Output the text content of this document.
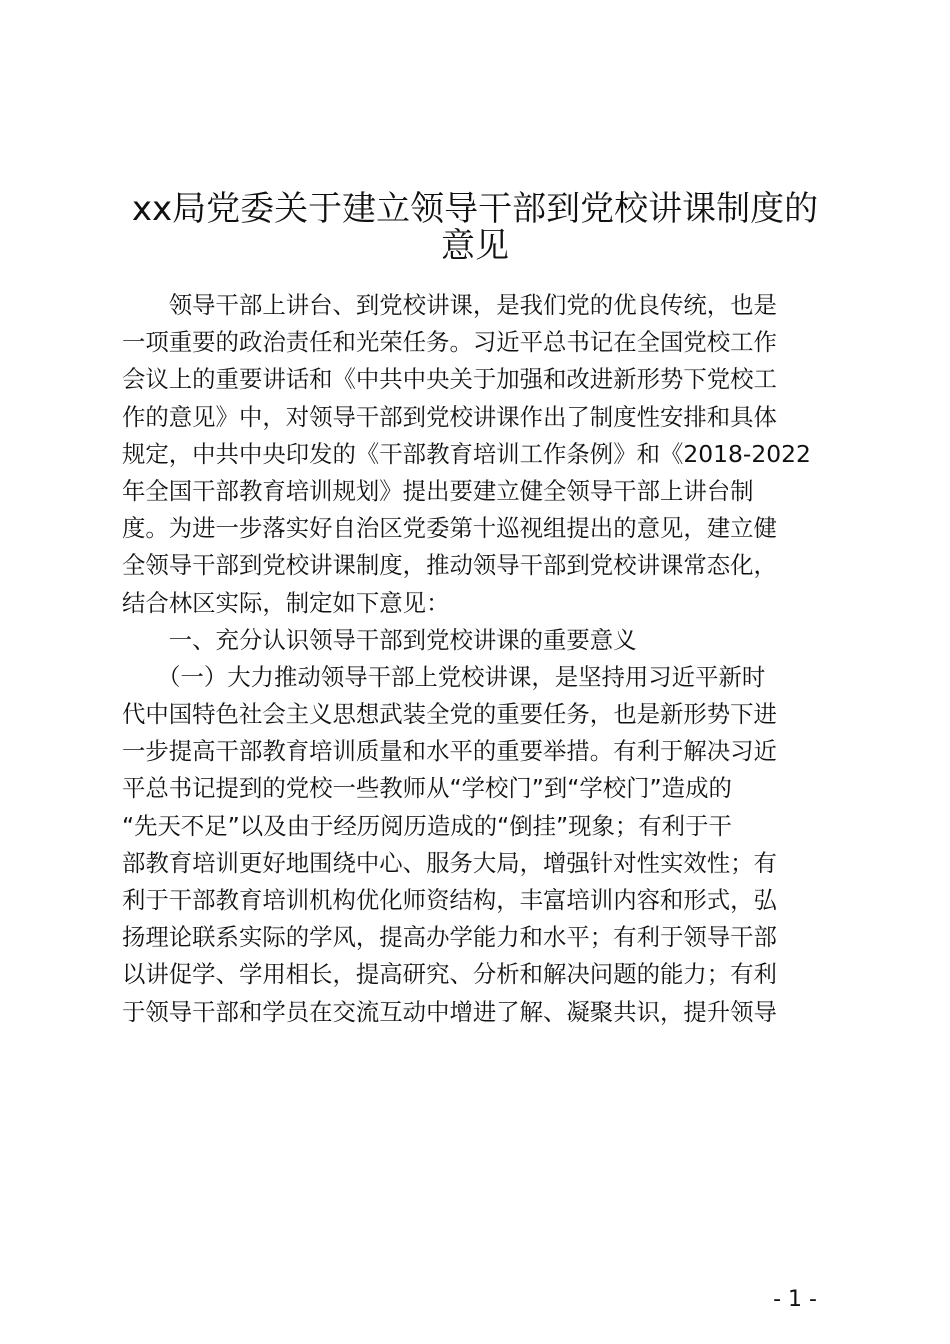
xx局党委关于建立领导干部到党校讲课制度的
意见
　　领导干部上讲台、到党校讲课，是我们党的优良传统，也是
一项重要的政治责任和光荣任务。习近平总书记在全国党校工作
会议上的重要讲话和《中共中央关于加强和改进新形势下党校工
作的意见》中，对领导干部到党校讲课作出了制度性安排和具体
规定，中共中央印发的《干部教育培训工作条例》和《2018-2022
年全国干部教育培训规划》提出要建立健全领导干部上讲台制
度。为进一步落实好自治区党委第十巡视组提出的意见，建立健
全领导干部到党校讲课制度，推动领导干部到党校讲课常态化，
结合林区实际，制定如下意见：
　　一、充分认识领导干部到党校讲课的重要意义
　　（一）大力推动领导干部上党校讲课，是坚持用习近平新时
代中国特色社会主义思想武装全党的重要任务，也是新形势下进
一步提高干部教育培训质量和水平的重要举措。有利于解决习近
平总书记提到的党校一些教师从“学校门”到“学校门”造成的
“先天不足”以及由于经历阅历造成的“倒挂”现象；有利于干
部教育培训更好地围绕中心、服务大局，增强针对性实效性；有
利于干部教育培训机构优化师资结构，丰富培训内容和形式，弘
扬理论联系实际的学风，提高办学能力和水平；有利于领导干部
以讲促学、学用相长，提高研究、分析和解决问题的能力；有利
于领导干部和学员在交流互动中增进了解、凝聚共识，提升领导
- 1 -
